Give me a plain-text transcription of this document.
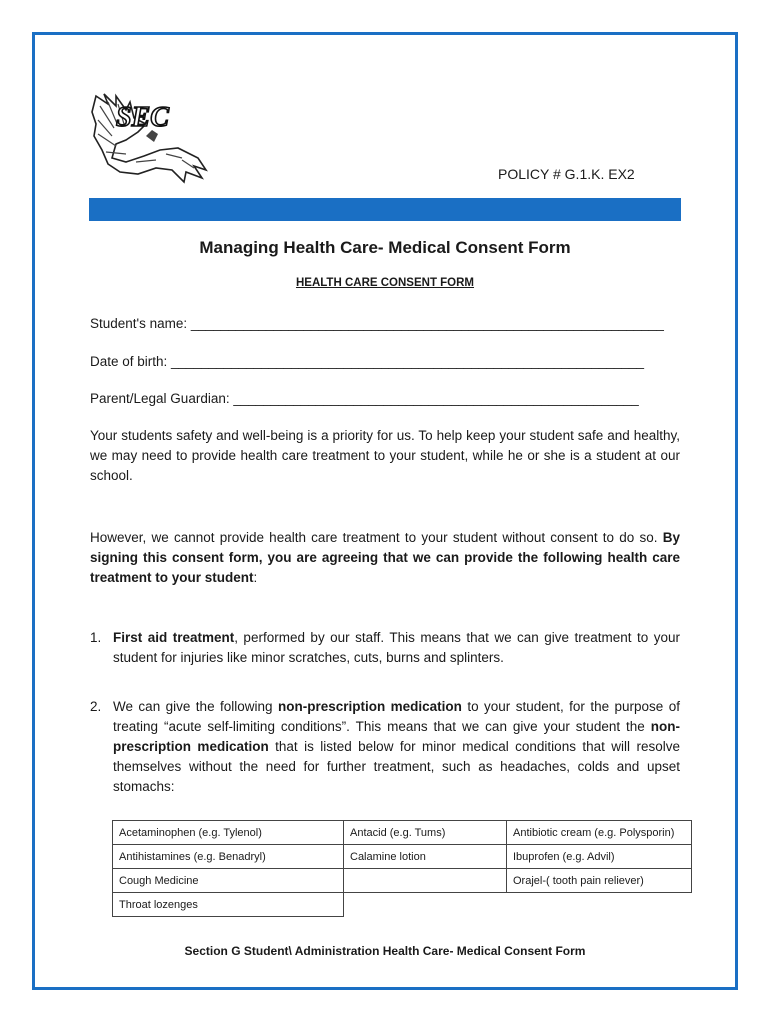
SEC
POLICY # G.1.K. EX2
Managing Health Care- Medical Consent Form
HEALTH CARE CONSENT FORM
Student's name: _______________________________________________________________
Date of birth: _______________________________________________________________
Parent/Legal Guardian: ______________________________________________________

Your students safety and well-being is a priority for us. To help keep your student safe and healthy, we may need to provide health care treatment to your student, while he or she is a student at our school.

However, we cannot provide health care treatment to your student without consent to do so. By signing this consent form, you are agreeing that we can provide the following health care treatment to your student:

1. First aid treatment, performed by our staff. This means that we can give treatment to your student for injuries like minor scratches, cuts, burns and splinters.
2. We can give the following non-prescription medication to your student, for the purpose of treating “acute self-limiting conditions”. This means that we can give your student the non-prescription medication that is listed below for minor medical conditions that will resolve themselves without the need for further treatment, such as headaches, colds and upset stomachs:
Acetaminophen (e.g. Tylenol)	Antacid (e.g. Tums)	Antibiotic cream (e.g. Polysporin)
Antihistamines (e.g. Benadryl)	Calamine lotion	Ibuprofen (e.g. Advil)
Cough Medicine		Orajel-( tooth pain reliever)
Throat lozenges		
Section G Student\ Administration Health Care- Medical Consent Form
